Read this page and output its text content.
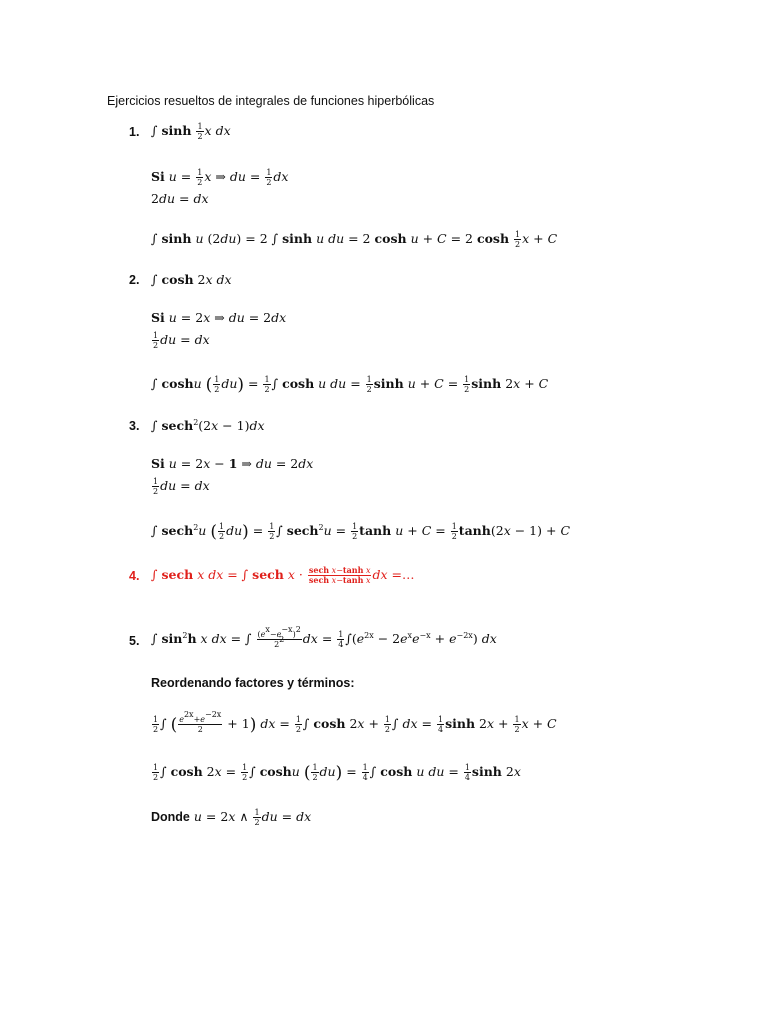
Ejercicios resueltos de integrales de funciones hiperbólicas
1. ∫ $\sinh \frac{1}{2}$ x dx
Si $u = \frac{1}{2}$ x ⇒ du = $\frac{1}{2}$ dx
2du = dx
∫ sinh u (2du) = 2 ∫ sinh u du = 2 cosh u + C = 2 $\cosh \frac{1}{2}$ x + C
2. ∫ cosh 2x dx
Si u = 2x ⇒ du = 2dx
$\frac{1}{2}$ du = dx
∫ coshu ( $\frac{1}{2} du) = \frac{1}{2}$ ∫ cosh u du = $\frac{1}{2}$ $\sinh u + C = \frac{1}{2}$ sinh 2x + C
3. ∫ sech$^2$(2x − 1)dx
Si u = 2x − 1 ⇒ du = 2dx
$\frac{1}{2}$ du = dx
∫ sech$^2$u ( $\frac{1}{2} du) = \frac{1}{2}$ ∫ $\sec h^2u = \frac{1}{2}$ $\tanh u + C = \frac{1}{2} \tanh(2x - 1) + C$
4. ∫ sech x dx = ∫ sech $x \cdot \frac{\text{sech x−tanh x}}{\text{sech x−tanh x}}$ dx =…
5. ∫ $\sin^2h$ x dx = ∫ $\frac{(e^x-e^{-x})^2}{2^2}$ dx = $\frac{1}{4} \int(e^{2x} - 2e^xe^{-x} + e^{-2x})$ dx
Reordenando factores y términos:
$\frac{1}{2}$ ∫ ( $\frac{e^{2x}+e^{-2x}}{2} + 1$) dx = $\frac{1}{2}$ ∫ $\cosh 2x + \frac{1}{2}$ ∫ dx = $\frac{1}{4}$ $\sinh 2x + \frac{1}{2}$ x + C
$\frac{1}{2}$ ∫ $\cosh 2x = \frac{1}{2}$ ∫ coshu ( $\frac{1}{2} du) = \frac{1}{4}$ ∫ cosh u du = $\frac{1}{4}$ sinh 2x
Donde u = 2x ∧ $\frac{1}{2}$ du = dx
